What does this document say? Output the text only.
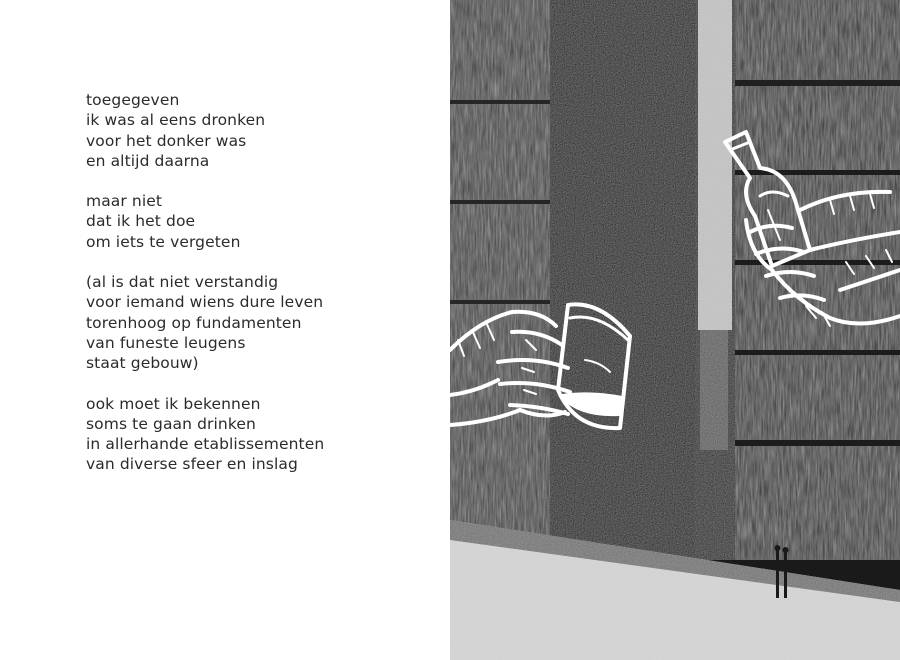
toegegeven
ik was al eens dronken
voor het donker was
en altijd daarna
maar niet
dat ik het doe
om iets te vergeten
(al is dat niet verstandig
voor iemand wiens dure leven
torenhoog op fundamenten
van funeste leugens
staat gebouw)
ook moet ik bekennen
soms te gaan drinken
in allerhande etablissementen
van diverse sfeer en inslag
